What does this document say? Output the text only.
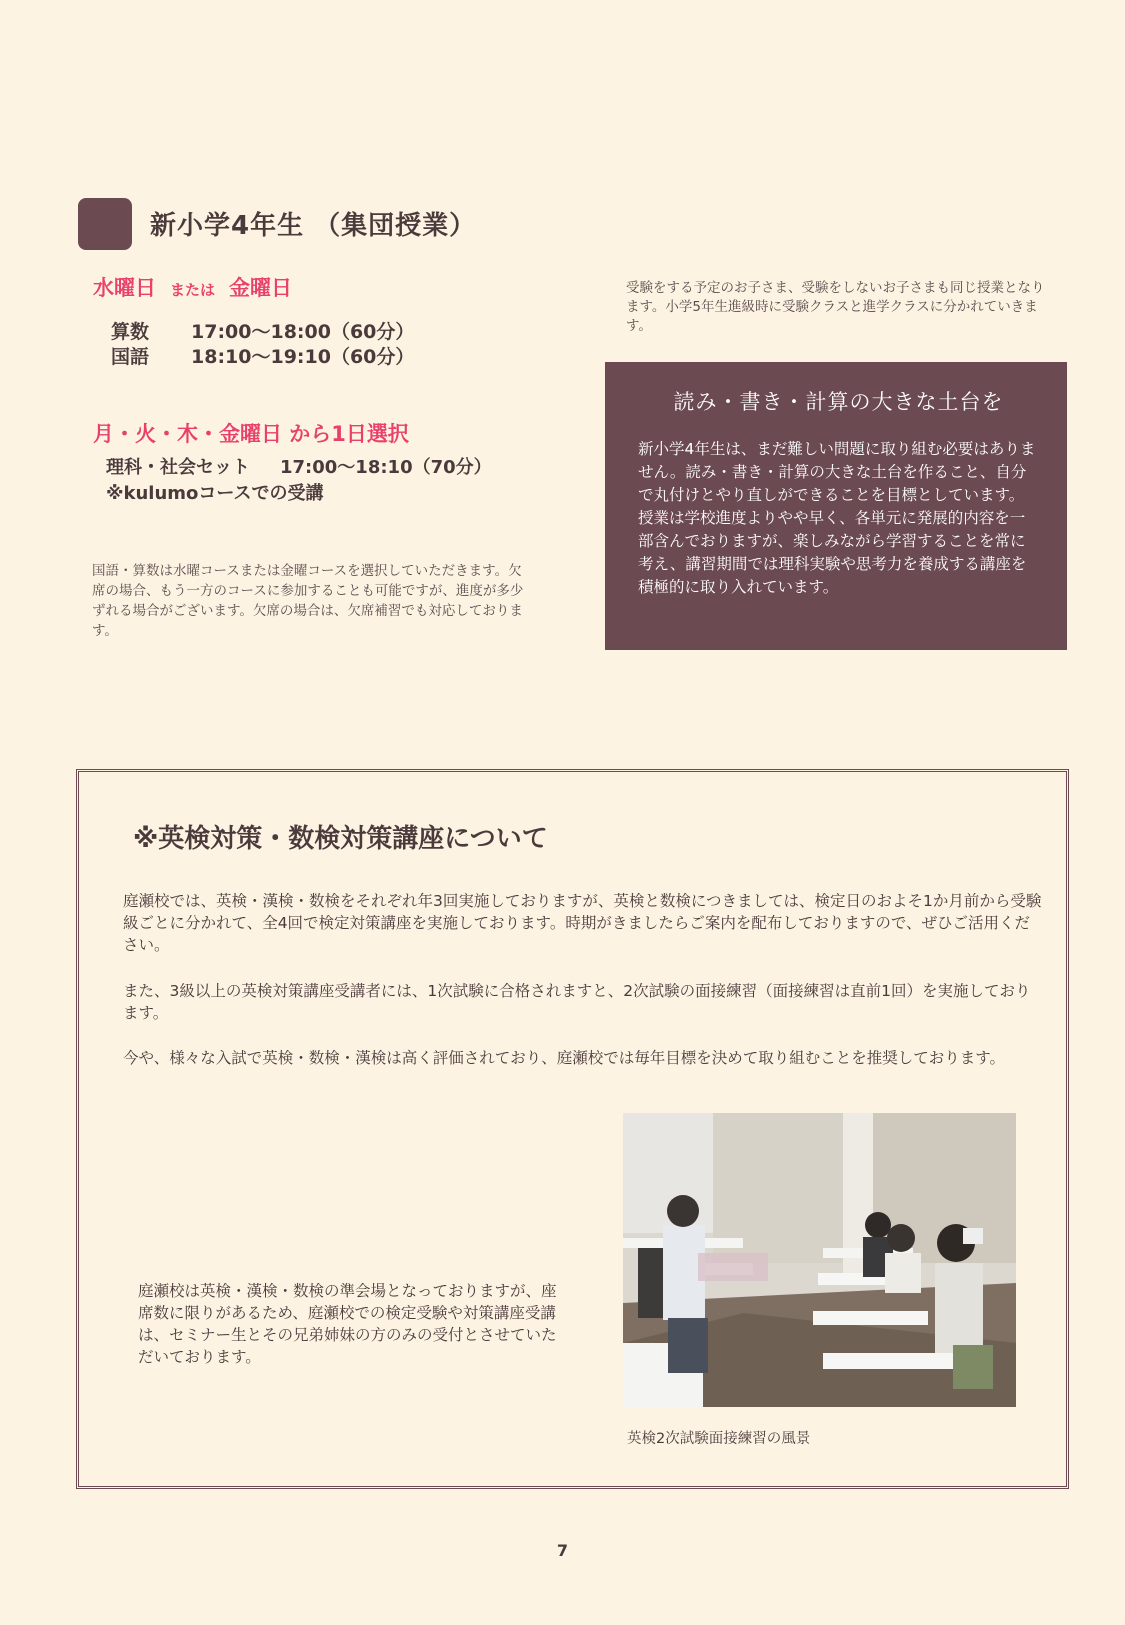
新小学4年生 （集団授業）
水曜日 または 金曜日
算数 17:00〜18:00（60分）
国語 18:10〜19:10（60分）
月・火・木・金曜日 から1日選択
理科・社会セット 17:00〜18:10（70分）
※kulumoコースでの受講
国語・算数は水曜コースまたは金曜コースを選択していただきます。欠席の場合、もう一方のコースに参加することも可能ですが、進度が多少ずれる場合がございます。欠席の場合は、欠席補習でも対応しております。
受験をする予定のお子さま、受験をしないお子さまも同じ授業となります。小学5年生進級時に受験クラスと進学クラスに分かれていきます。
読み・書き・計算の大きな土台を
新小学4年生は、まだ難しい問題に取り組む必要はありません。読み・書き・計算の大きな土台を作ること、自分で丸付けとやり直しができることを目標としています。授業は学校進度よりやや早く、各単元に発展的内容を一部含んでおりますが、楽しみながら学習することを常に考え、講習期間では理科実験や思考力を養成する講座を積極的に取り入れています。
※英検対策・数検対策講座について
庭瀬校では、英検・漢検・数検をそれぞれ年3回実施しておりますが、英検と数検につきましては、検定日のおよそ1か月前から受験級ごとに分かれて、全4回で検定対策講座を実施しております。時期がきましたらご案内を配布しておりますので、ぜひご活用ください。
また、3級以上の英検対策講座受講者には、1次試験に合格されますと、2次試験の面接練習（面接練習は直前1回）を実施しております。
今や、様々な入試で英検・数検・漢検は高く評価されており、庭瀬校では毎年目標を決めて取り組むことを推奨しております。
庭瀬校は英検・漢検・数検の準会場となっておりますが、座席数に限りがあるため、庭瀬校での検定受験や対策講座受講は、セミナー生とその兄弟姉妹の方のみの受付とさせていただいております。
英検2次試験面接練習の風景
7
